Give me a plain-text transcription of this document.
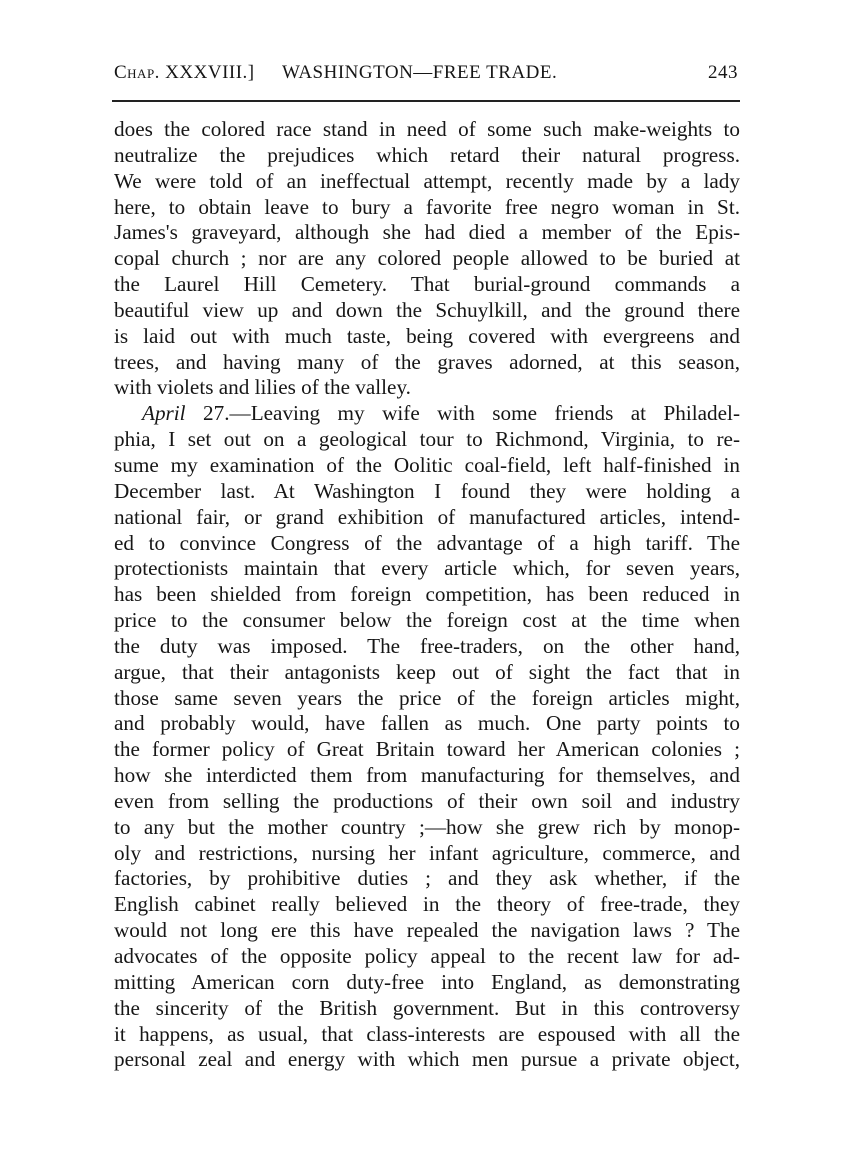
Chap. XXXVIII.] WASHINGTON—FREE TRADE.	243
does the colored race stand in need of some such make-weights to
neutralize the prejudices which retard their natural progress.
We were told of an ineffectual attempt, recently made by a lady
here, to obtain leave to bury a favorite free negro woman in St.
James's graveyard, although she had died a member of the Epis-
copal church ; nor are any colored people allowed to be buried at
the Laurel Hill Cemetery. That burial-ground commands a
beautiful view up and down the Schuylkill, and the ground there
is laid out with much taste, being covered with evergreens and
trees, and having many of the graves adorned, at this season,
with violets and lilies of the valley.
April 27.—Leaving my wife with some friends at Philadel-
phia, I set out on a geological tour to Richmond, Virginia, to re-
sume my examination of the Oolitic coal-field, left half-finished in
December last. At Washington I found they were holding a
national fair, or grand exhibition of manufactured articles, intend-
ed to convince Congress of the advantage of a high tariff. The
protectionists maintain that every article which, for seven years,
has been shielded from foreign competition, has been reduced in
price to the consumer below the foreign cost at the time when
the duty was imposed. The free-traders, on the other hand,
argue, that their antagonists keep out of sight the fact that in
those same seven years the price of the foreign articles might,
and probably would, have fallen as much. One party points to
the former policy of Great Britain toward her American colonies ;
how she interdicted them from manufacturing for themselves, and
even from selling the productions of their own soil and industry
to any but the mother country ;—how she grew rich by monop-
oly and restrictions, nursing her infant agriculture, commerce, and
factories, by prohibitive duties ; and they ask whether, if the
English cabinet really believed in the theory of free-trade, they
would not long ere this have repealed the navigation laws ? The
advocates of the opposite policy appeal to the recent law for ad-
mitting American corn duty-free into England, as demonstrating
the sincerity of the British government. But in this controversy
it happens, as usual, that class-interests are espoused with all the
personal zeal and energy with which men pursue a private object,
